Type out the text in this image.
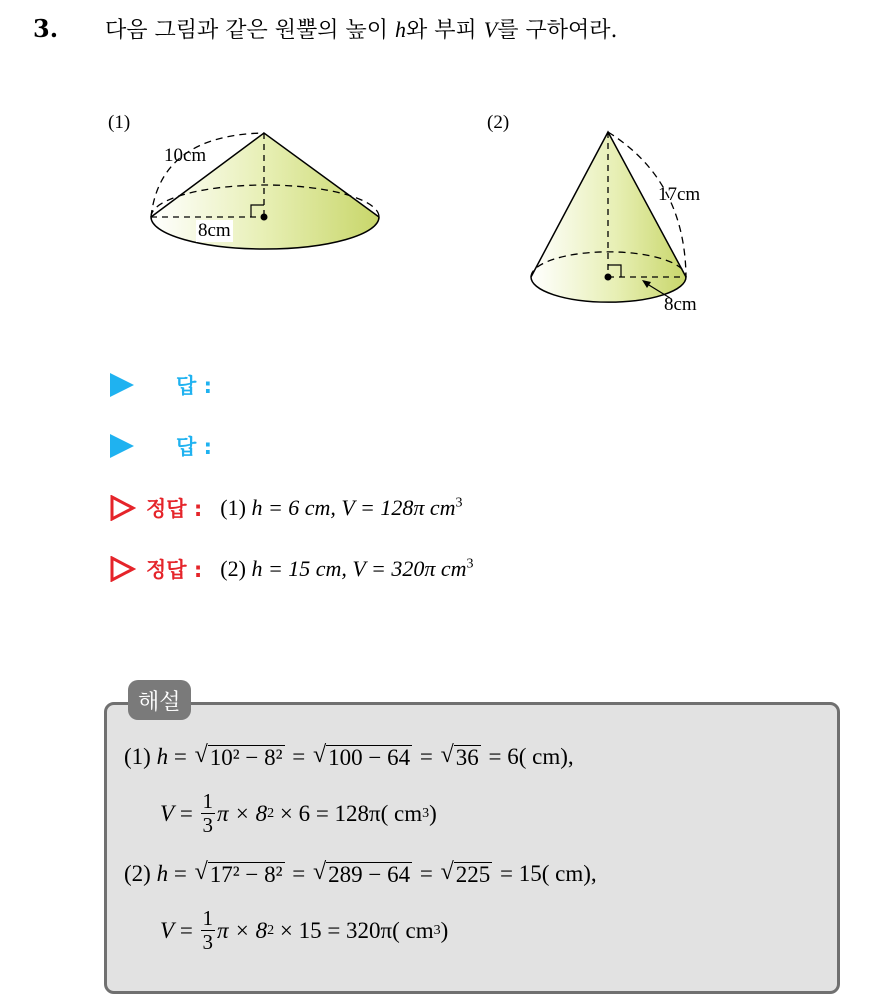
3. 다음 그림과 같은 원뿔의 높이 h와 부피 V를 구하여라.
(1)	(2)
10cm
8cm
17cm
8cm
답 :
답 :
정답 : (1) h = 6 cm, V = 128π $cm^3$
정답 : (2) h = 15 cm, V = 320π $cm^3$
해설
(1)
h = √ 10² − 8² = √ 100 − 64 = √ 36
= 6( cm),
$V = \frac{1}{3}$ π × 8 2
× 6 = 128π( cm 3 )
(2)
h = √ 17² − 8² = √ 289 − 64 = √ 225
= 15( cm),
$V = \frac{1}{3}$ π × 8 2
× 15 = 320π( cm 3 )
